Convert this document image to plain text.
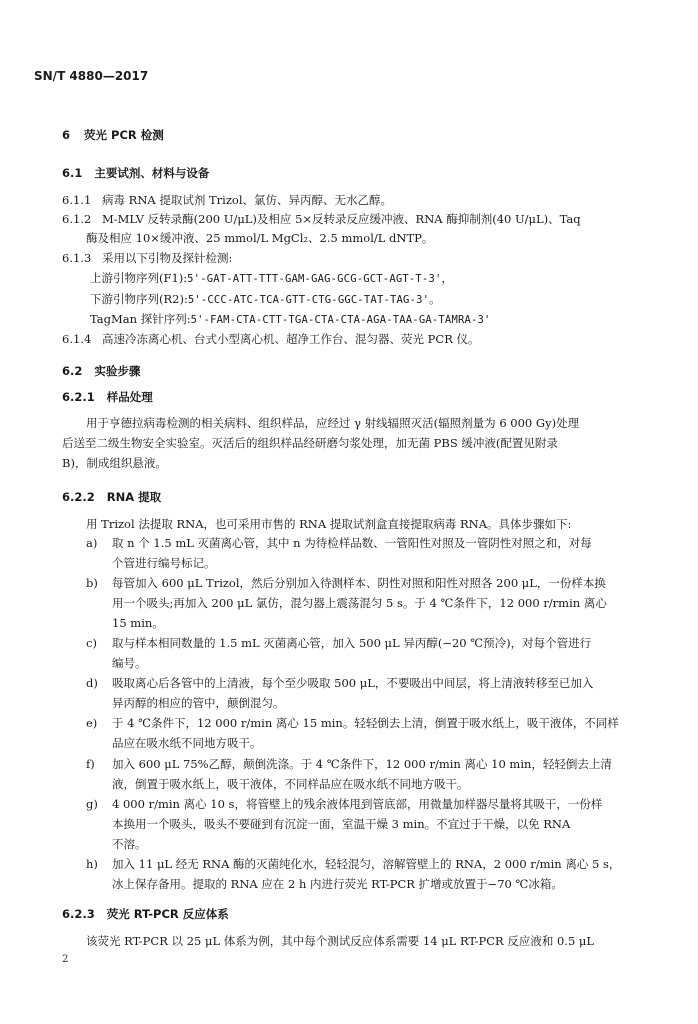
SN/T 4880—2017
6 荧光 PCR 检测
6.1 主要试剂、材料与设备
6.1.1 病毒 RNA 提取试剂 Trizol、氯仿、异丙醇、无水乙醇。
6.1.2 M-MLV 反转录酶(200 U/μL)及相应 5×反转录反应缓冲液、RNA 酶抑制剂(40 U/μL)、Taq
酶及相应 10×缓冲液、25 mmol/L MgCl₂、2.5 mmol/L dNTP。
6.1.3 采用以下引物及探针检测:
上游引物序列(F1):5'-GAT-ATT-TTT-GAM-GAG-GCG-GCT-AGT-T-3'，
下游引物序列(R2):5'-CCC-ATC-TCA-GTT-CTG-GGC-TAT-TAG-3'。
TagMan 探针序列:5'-FAM-CTA-CTT-TGA-CTA-CTA-AGA-TAA-GA-TAMRA-3'
6.1.4 高速冷冻离心机、台式小型离心机、超净工作台、混匀器、荧光 PCR 仪。
6.2 实验步骤
6.2.1 样品处理
用于亨德拉病毒检测的相关病料、组织样品，应经过 γ 射线辐照灭活(辐照剂量为 6 000 Gy)处理
后送至二级生物安全实验室。灭活后的组织样品经研磨匀浆处理，加无菌 PBS 缓冲液(配置见附录
B)，制成组织悬液。
6.2.2 RNA 提取
用 Trizol 法提取 RNA，也可采用市售的 RNA 提取试剂盒直接提取病毒 RNA。具体步骤如下:
a) 取 n 个 1.5 mL 灭菌离心管，其中 n 为待检样品数、一管阳性对照及一管阴性对照之和，对每
个管进行编号标记。
b) 每管加入 600 μL Trizol，然后分别加入待测样本、阴性对照和阳性对照各 200 μL，一份样本换
用一个吸头;再加入 200 μL 氯仿，混匀器上震荡混匀 5 s。于 4 ℃条件下，12 000 r/rmin 离心
15 min。
c) 取与样本相同数量的 1.5 mL 灭菌离心管，加入 500 μL 异丙醇(−20 ℃预冷)，对每个管进行
编号。
d) 吸取离心后各管中的上清液，每个至少吸取 500 μL，不要吸出中间层，将上清液转移至已加入
异丙醇的相应的管中，颠倒混匀。
e) 于 4 ℃条件下，12 000 r/min 离心 15 min。轻轻倒去上清，倒置于吸水纸上，吸干液体，不同样
品应在吸水纸不同地方吸干。
f) 加入 600 μL 75%乙醇，颠倒洗涤。于 4 ℃条件下，12 000 r/min 离心 10 min，轻轻倒去上清
液，倒置于吸水纸上，吸干液体，不同样品应在吸水纸不同地方吸干。
g) 4 000 r/min 离心 10 s，将管壁上的残余液体甩到管底部，用微量加样器尽量将其吸干，一份样
本换用一个吸头，吸头不要碰到有沉淀一面，室温干燥 3 min。不宜过于干燥，以免 RNA
不溶。
h) 加入 11 μL 经无 RNA 酶的灭菌纯化水，轻轻混匀，溶解管壁上的 RNA，2 000 r/min 离心 5 s，
冰上保存备用。提取的 RNA 应在 2 h 内进行荧光 RT-PCR 扩增或放置于−70 ℃冰箱。
6.2.3 荧光 RT-PCR 反应体系
该荧光 RT-PCR 以 25 μL 体系为例，其中每个测试反应体系需要 14 μL RT-PCR 反应液和 0.5 μL
2
